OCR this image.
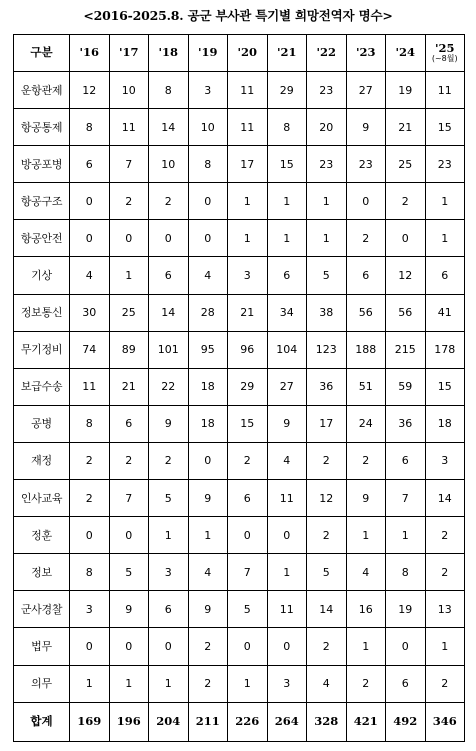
<2016-2025.8. 공군 부사관 특기별 희망전역자 명수>
구분	'16	'17	'18	'19	'20	'21	'22	'23	'24	'25
(~8월)

운항관제	12	10	8	3	11	29	23	27	19	11
항공통제	8	11	14	10	11	8	20	9	21	15
방공포병	6	7	10	8	17	15	23	23	25	23
항공구조	0	2	2	0	1	1	1	0	2	1
항공안전	0	0	0	0	1	1	1	2	0	1
기상	4	1	6	4	3	6	5	6	12	6
정보통신	30	25	14	28	21	34	38	56	56	41
무기정비	74	89	101	95	96	104	123	188	215	178
보급수송	11	21	22	18	29	27	36	51	59	15
공병	8	6	9	18	15	9	17	24	36	18
재정	2	2	2	0	2	4	2	2	6	3
인사교육	2	7	5	9	6	11	12	9	7	14
정훈	0	0	1	1	0	0	2	1	1	2
정보	8	5	3	4	7	1	5	4	8	2
군사경찰	3	9	6	9	5	11	14	16	19	13
법무	0	0	0	2	0	0	2	1	0	1
의무	1	1	1	2	1	3	4	2	6	2
합계	169	196	204	211	226	264	328	421	492	346
